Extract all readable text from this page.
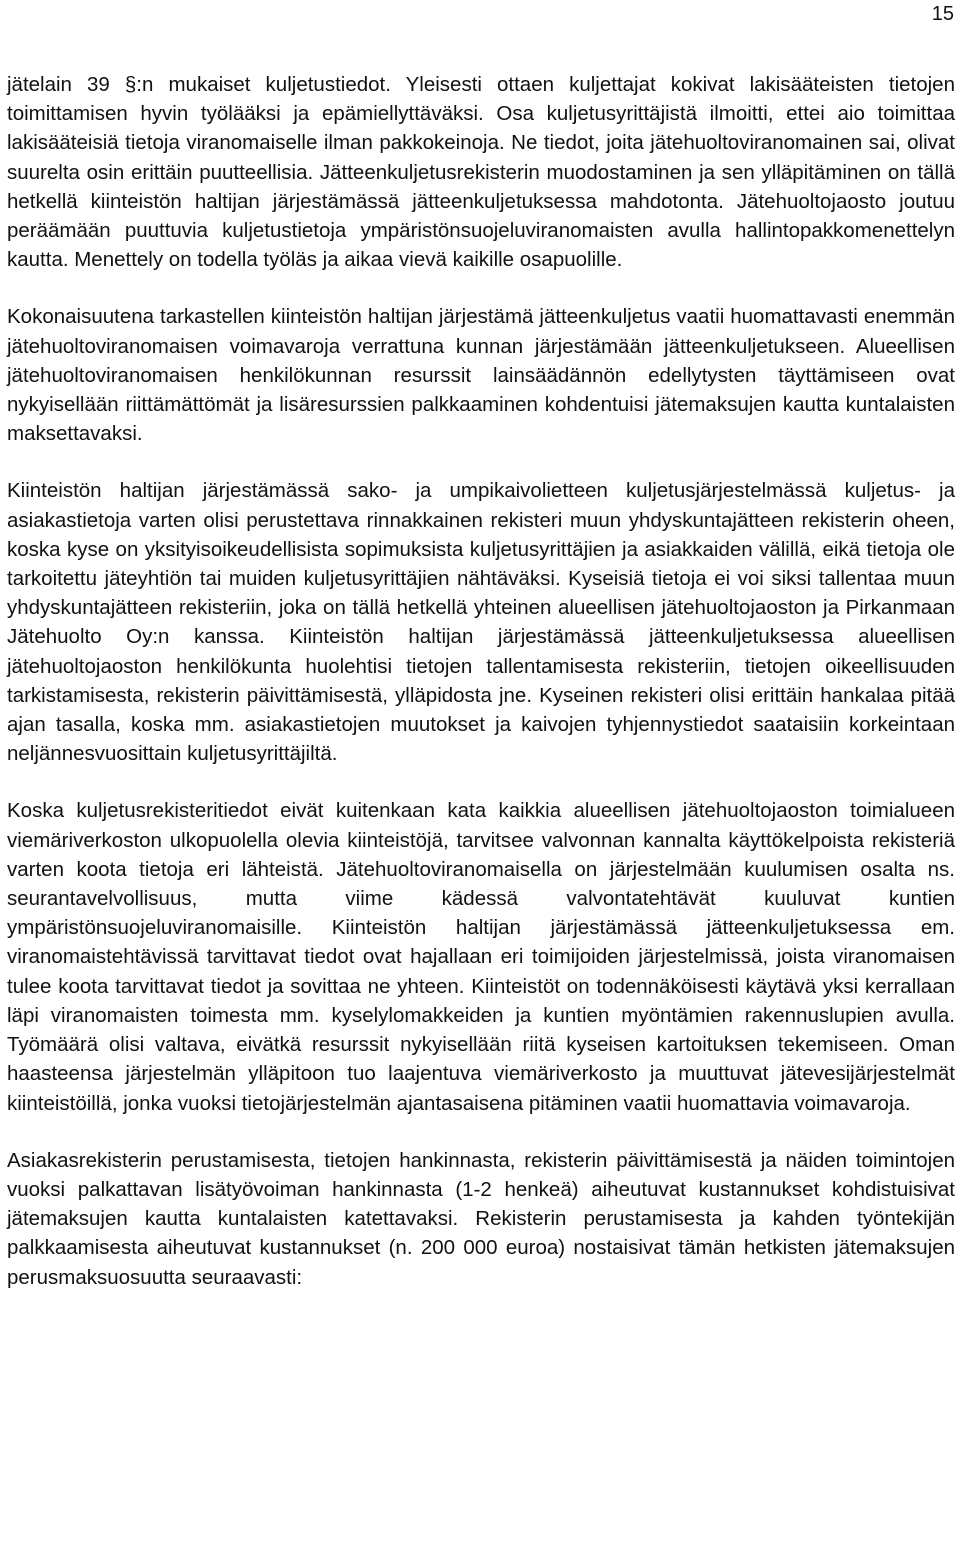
15

jätelain 39 §:n mukaiset kuljetustiedot. Yleisesti ottaen kuljettajat kokivat lakisääteisten tietojen toimittamisen hyvin työlääksi ja epämiellyttäväksi. Osa kuljetusyrittäjistä ilmoitti, ettei aio toimittaa lakisääteisiä tietoja viranomaiselle ilman pakkokeinoja. Ne tiedot, joita jätehuoltoviranomainen sai, olivat suurelta osin erittäin puutteellisia. Jätteenkuljetusrekisterin muodostaminen ja sen ylläpitäminen on tällä hetkellä kiinteistön haltijan järjestämässä jätteenkuljetuksessa mahdotonta. Jätehuoltojaosto joutuu peräämään puuttuvia kuljetustietoja ympäristönsuojeluviranomaisten avulla hallintopakkomenettelyn kautta. Menettely on todella työläs ja aikaa vievä kaikille osapuolille.

Kokonaisuutena tarkastellen kiinteistön haltijan järjestämä jätteenkuljetus vaatii huomattavasti enemmän jätehuoltoviranomaisen voimavaroja verrattuna kunnan järjestämään jätteenkuljetukseen. Alueellisen jätehuoltoviranomaisen henkilökunnan resurssit lainsäädännön edellytysten täyttämiseen ovat nykyisellään riittämättömät ja lisäresurssien palkkaaminen kohdentuisi jätemaksujen kautta kuntalaisten maksettavaksi.

Kiinteistön haltijan järjestämässä sako- ja umpikaivolietteen kuljetusjärjestelmässä kuljetus- ja asiakastietoja varten olisi perustettava rinnakkainen rekisteri muun yhdyskuntajätteen rekisterin oheen, koska kyse on yksityisoikeudellisista sopimuksista kuljetusyrittäjien ja asiakkaiden välillä, eikä tietoja ole tarkoitettu jäteyhtiön tai muiden kuljetusyrittäjien nähtäväksi. Kyseisiä tietoja ei voi siksi tallentaa muun yhdyskuntajätteen rekisteriin, joka on tällä hetkellä yhteinen alueellisen jätehuoltojaoston ja Pirkanmaan Jätehuolto Oy:n kanssa. Kiinteistön haltijan järjestämässä jätteenkuljetuksessa alueellisen jätehuoltojaoston henkilökunta huolehtisi tietojen tallentamisesta rekisteriin, tietojen oikeellisuuden tarkistamisesta, rekisterin päivittämisestä, ylläpidosta jne. Kyseinen rekisteri olisi erittäin hankalaa pitää ajan tasalla, koska mm. asiakastietojen muutokset ja kaivojen tyhjennystiedot saataisiin korkeintaan neljännesvuosittain kuljetusyrittäjiltä.

Koska kuljetusrekisteritiedot eivät kuitenkaan kata kaikkia alueellisen jätehuoltojaoston toimialueen viemäriverkoston ulkopuolella olevia kiinteistöjä, tarvitsee valvonnan kannalta käyttökelpoista rekisteriä varten koota tietoja eri lähteistä. Jätehuoltoviranomaisella on järjestelmään kuulumisen osalta ns. seurantavelvollisuus, mutta viime kädessä valvontatehtävät kuuluvat kuntien ympäristönsuojeluviranomaisille. Kiinteistön haltijan järjestämässä jätteenkuljetuksessa em. viranomaistehtävissä tarvittavat tiedot ovat hajallaan eri toimijoiden järjestelmissä, joista viranomaisen tulee koota tarvittavat tiedot ja sovittaa ne yhteen. Kiinteistöt on todennäköisesti käytävä yksi kerrallaan läpi viranomaisten toimesta mm. kyselylomakkeiden ja kuntien myöntämien rakennuslupien avulla. Työmäärä olisi valtava, eivätkä resurssit nykyisellään riitä kyseisen kartoituksen tekemiseen. Oman haasteensa järjestelmän ylläpitoon tuo laajentuva viemäriverkosto ja muuttuvat jätevesijärjestelmät kiinteistöillä, jonka vuoksi tietojärjestelmän ajantasaisena pitäminen vaatii huomattavia voimavaroja.

Asiakasrekisterin perustamisesta, tietojen hankinnasta, rekisterin päivittämisestä ja näiden toimintojen vuoksi palkattavan lisätyövoiman hankinnasta (1-2 henkeä) aiheutuvat kustannukset kohdistuisivat jätemaksujen kautta kuntalaisten katettavaksi. Rekisterin perustamisesta ja kahden työntekijän palkkaamisesta aiheutuvat kustannukset (n. 200 000 euroa) nostaisivat tämän hetkisten jätemaksujen perusmaksuosuutta seuraavasti:
